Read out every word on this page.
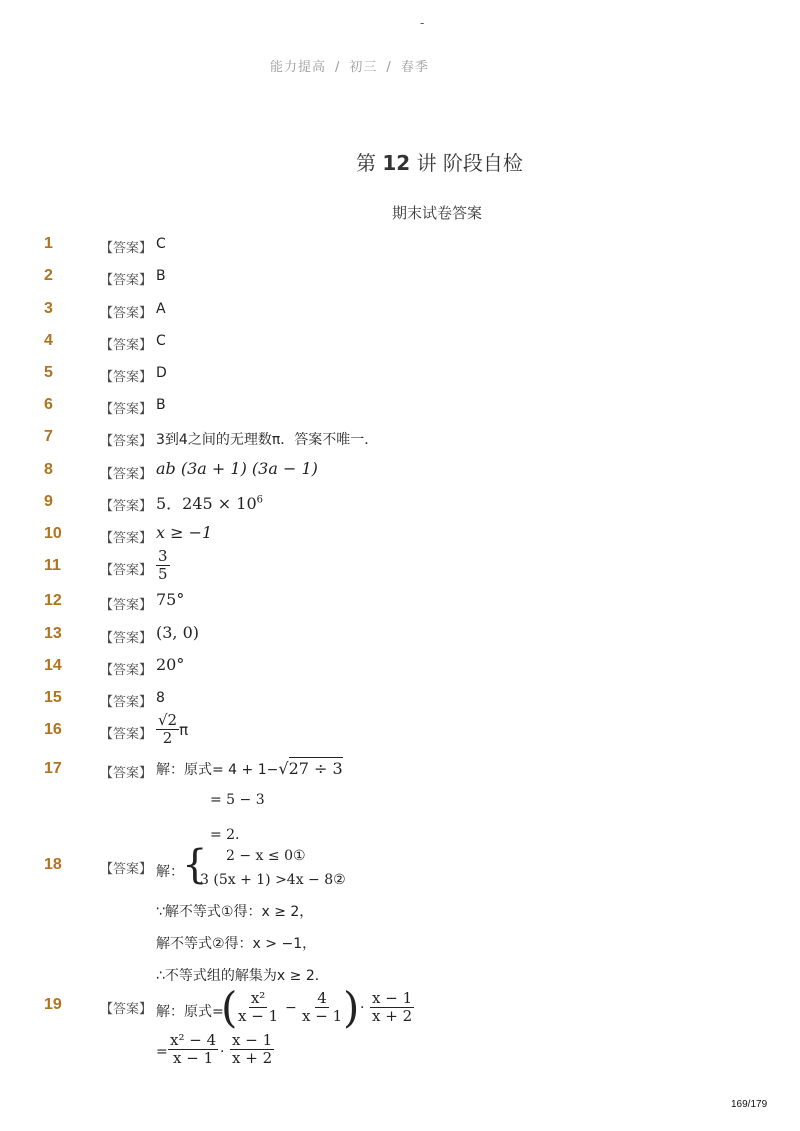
-
能力提高 / 初三 / 春季
第 12 讲 阶段自检
期末试卷答案
1	【答案】 C
2	【答案】 B
3	【答案】 A
4	【答案】 C
5	【答案】 D
6	【答案】 B
7	【答案】 3到4之间的无理数π．答案不唯一．
8	【答案】 ab (3a + 1) (3a − 1)
9	【答案】 5．$245 \times 10^6$
10	【答案】 x ≥ −1
11	【答案】 $\frac{3}{5}$
12	【答案】 75°
13	【答案】 (3, 0)
14	【答案】 20°
15	【答案】 8
16	【答案】 $\frac{√2}{2}$ π
17	【答案】 解：原式= 4 + 1−√27 ÷ 3
= 5 − 3
= 2．
18	【答案】 解：
{ 2 − x ≤ 0①
3 (5x + 1) >4x − 8②
∵解不等式①得：x ≥ 2，
解不等式②得：x > −1，
∴不等式组的解集为x ≥ 2．
19	【答案】 解：原式=
(
$\frac{\text{x²}}{x - 1} - \frac{4}{x - 1}$
) · $\frac{x - 1}{x + 2}$
= $\frac{\text{x² − 4}}{x - 1} \cdot \frac{x - 1}{x + 2}$
169/179
